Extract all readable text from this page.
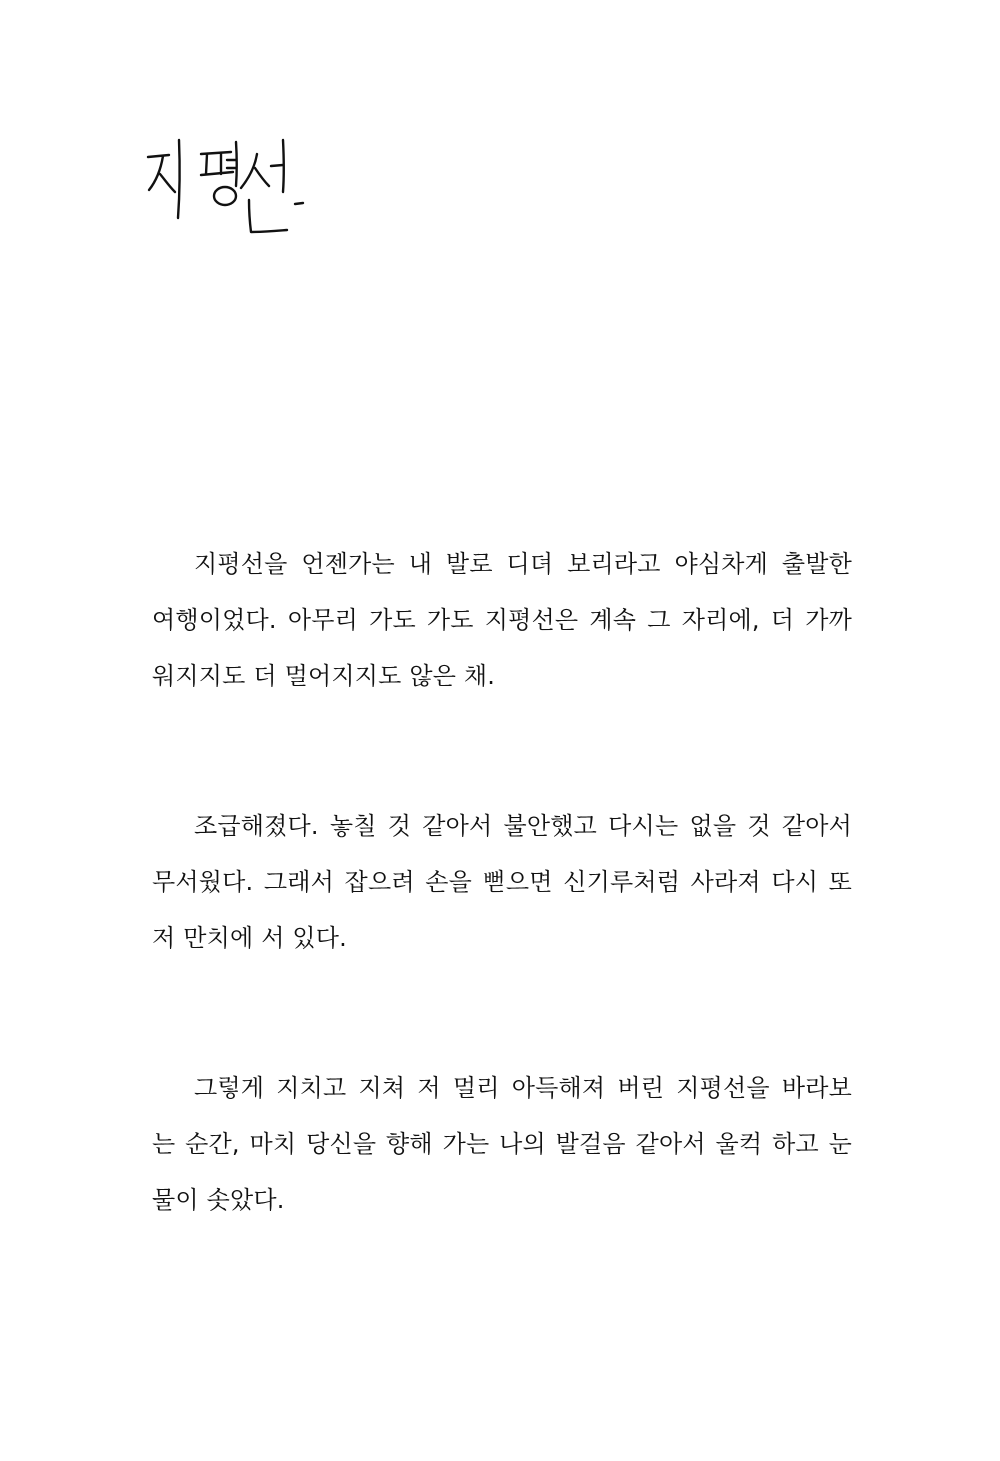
지평선을 언젠가는 내 발로 디뎌 보리라고 야심차게 출발한
여행이었다. 아무리 가도 가도 지평선은 계속 그 자리에, 더 가까
워지지도 더 멀어지지도 않은 채.
조급해졌다. 놓칠 것 같아서 불안했고 다시는 없을 것 같아서
무서웠다. 그래서 잡으려 손을 뻗으면 신기루처럼 사라져 다시 또
저 만치에 서 있다.
그렇게 지치고 지쳐 저 멀리 아득해져 버린 지평선을 바라보
는 순간, 마치 당신을 향해 가는 나의 발걸음 같아서 울컥 하고 눈
물이 솟았다.
